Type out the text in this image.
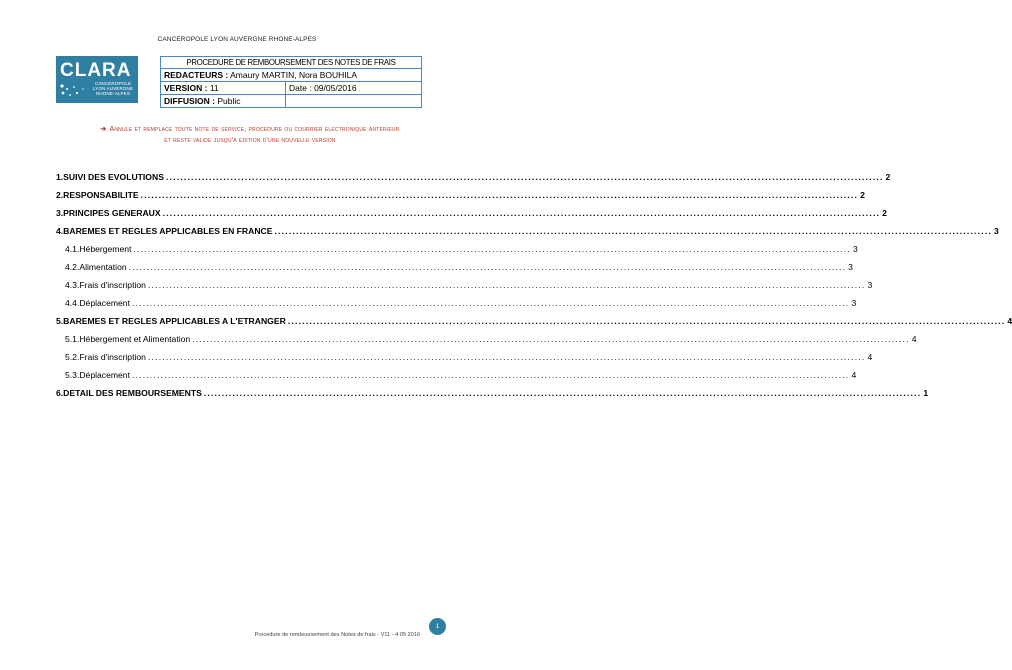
CANCEROPOLE LYON AUVERGNE RHONE-ALPES
CLARA
CANCEROPOLE
LYON AUVERGNE
RHONE-ALPES
PROCEDURE DE REMBOURSEMENT DES NOTES DE FRAIS	
REDACTEURS : Amaury MARTIN, Nora BOUHILA	
VERSION : 11	Date : 09/05/2016
DIFFUSION : Public	
➔ Annule et remplace toute note de service, procedure ou courrier electronique anterieur et reste valide jusqu'a edition d'une nouvelle version
1. SUIVI DES EVOLUTIONS ........................................................................................................................................................................................................ 2
2. RESPONSABILITE ........................................................................................................................................................................................................ 2
3. PRINCIPES GENERAUX ........................................................................................................................................................................................................ 2
4. BAREMES ET REGLES APPLICABLES EN FRANCE ........................................................................................................................................................................................................ 3
4.1. Hébergement ........................................................................................................................................................................................................ 3
4.2. Alimentation ........................................................................................................................................................................................................ 3
4.3. Frais d'inscription ........................................................................................................................................................................................................ 3
4.4. Déplacement ........................................................................................................................................................................................................ 3
5. BAREMES ET REGLES APPLICABLES A L'ETRANGER ........................................................................................................................................................................................................ 4
5.1. Hébergement et Alimentation ........................................................................................................................................................................................................ 4
5.2. Frais d'inscription ........................................................................................................................................................................................................ 4
5.3. Déplacement ........................................................................................................................................................................................................ 4
6. DETAIL DES REMBOURSEMENTS ........................................................................................................................................................................................................ 1
Procedure de remboursement des Notes de frais - V11 - 4 05 2016
1
